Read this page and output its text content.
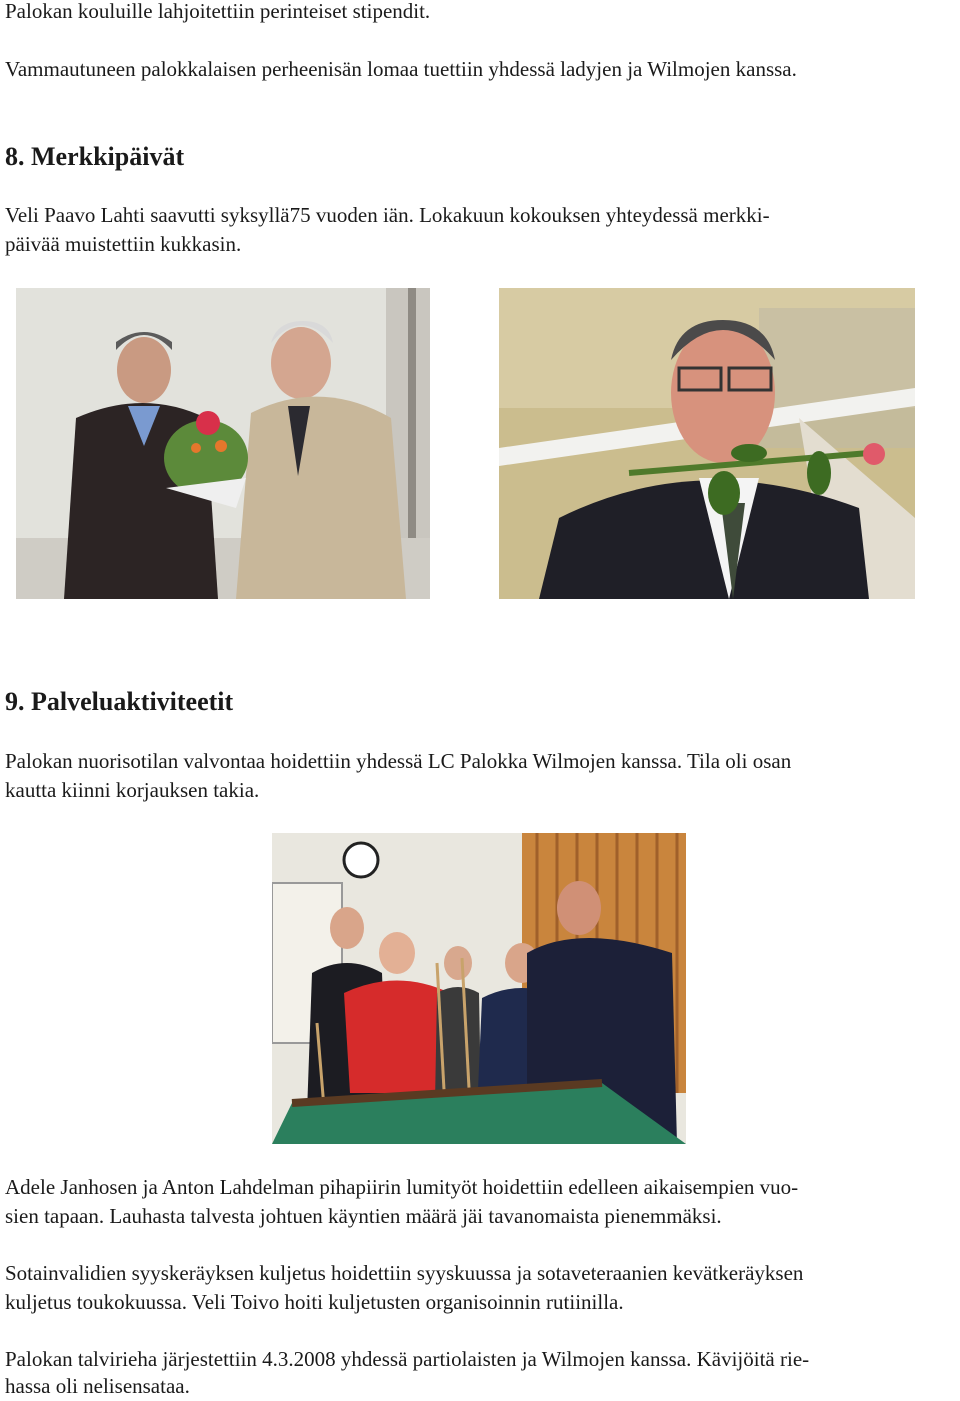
Palokan kouluille lahjoitettiin perinteiset stipendit.

Vammautuneen palokkalaisen perheenisän lomaa tuettiin yhdessä ladyjen ja Wilmojen kanssa.

8. Merkkipäivät

Veli Paavo Lahti saavutti syksyllä75 vuoden iän. Lokakuun kokouksen yhteydessä merkki-

päivää muistettiin kukkasin.

9. Palveluaktiviteetit

Palokan nuorisotilan valvontaa hoidettiin yhdessä LC Palokka Wilmojen kanssa. Tila oli osan

kautta kiinni korjauksen takia.

Adele Janhosen ja Anton Lahdelman pihapiirin lumityöt hoidettiin edelleen aikaisempien vuo-

sien tapaan. Lauhasta talvesta johtuen käyntien määrä jäi tavanomaista pienemmäksi.

Sotainvalidien syyskeräyksen kuljetus hoidettiin syyskuussa ja sotaveteraanien kevätkeräyksen

kuljetus toukokuussa. Veli Toivo hoiti kuljetusten organisoinnin rutiinilla.

Palokan talvirieha järjestettiin 4.3.2008 yhdessä partiolaisten ja Wilmojen kanssa. Kävijöitä rie-

hassa oli nelisensataa.
